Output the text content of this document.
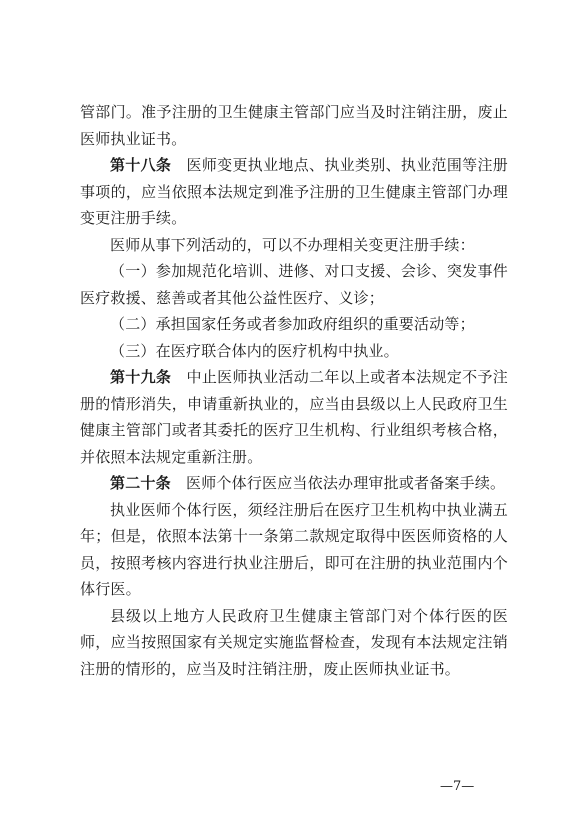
管部门。准予注册的卫生健康主管部门应当及时注销注册，废止医师执业证书。

第十八条　医师变更执业地点、执业类别、执业范围等注册事项的，应当依照本法规定到准予注册的卫生健康主管部门办理变更注册手续。

医师从事下列活动的，可以不办理相关变更注册手续：

（一）参加规范化培训、进修、对口支援、会诊、突发事件医疗救援、慈善或者其他公益性医疗、义诊；

（二）承担国家任务或者参加政府组织的重要活动等；

（三）在医疗联合体内的医疗机构中执业。

第十九条　中止医师执业活动二年以上或者本法规定不予注册的情形消失，申请重新执业的，应当由县级以上人民政府卫生健康主管部门或者其委托的医疗卫生机构、行业组织考核合格，并依照本法规定重新注册。

第二十条　医师个体行医应当依法办理审批或者备案手续。

执业医师个体行医，须经注册后在医疗卫生机构中执业满五年；但是，依照本法第十一条第二款规定取得中医医师资格的人员，按照考核内容进行执业注册后，即可在注册的执业范围内个体行医。

县级以上地方人民政府卫生健康主管部门对个体行医的医师，应当按照国家有关规定实施监督检查，发现有本法规定注销注册的情形的，应当及时注销注册，废止医师执业证书。

—7—
